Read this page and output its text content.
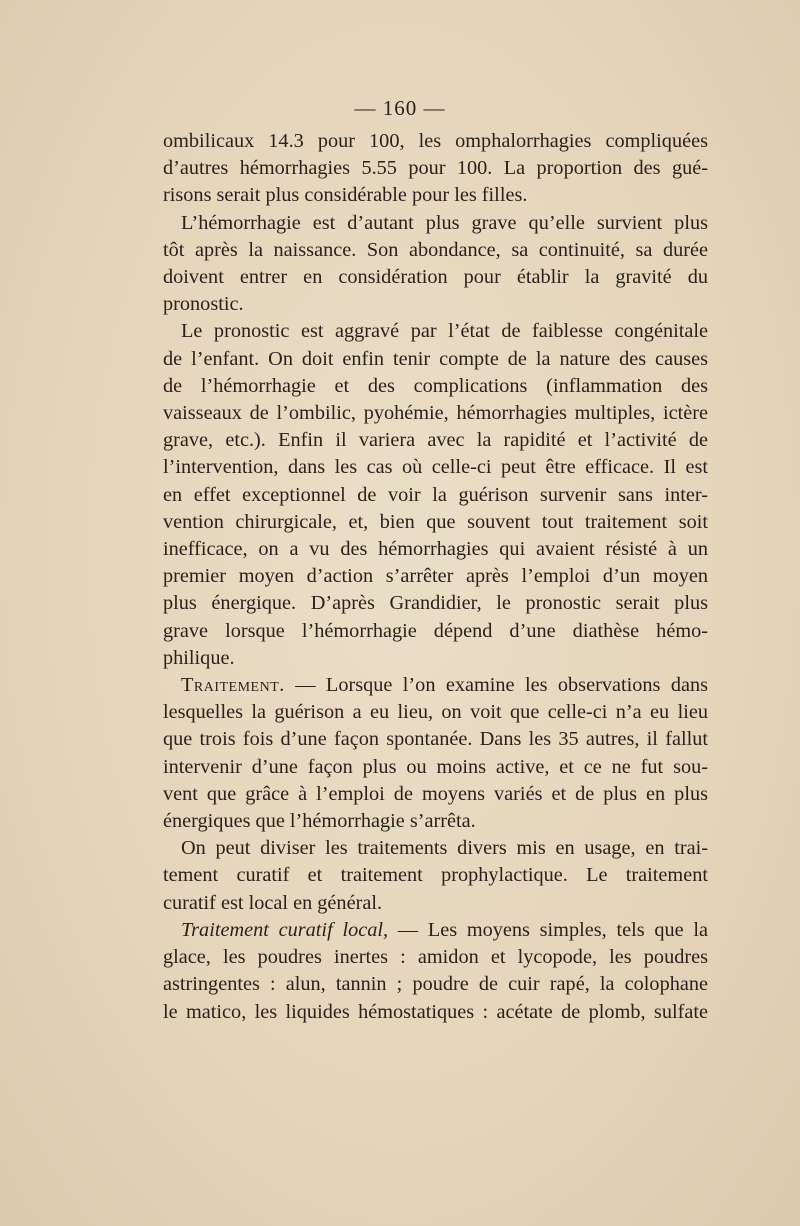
— 160 —
ombilicaux 14.3 pour 100, les omphalorrhagies compliquées
d’autres hémorrhagies 5.55 pour 100. La proportion des gué-
risons serait plus considérable pour les filles.
L’hémorrhagie est d’autant plus grave qu’elle survient plus
tôt après la naissance. Son abondance, sa continuité, sa durée
doivent entrer en considération pour établir la gravité du
pronostic.
Le pronostic est aggravé par l’état de faiblesse congénitale
de l’enfant. On doit enfin tenir compte de la nature des causes
de l’hémorrhagie et des complications (inflammation des
vaisseaux de l’ombilic, pyohémie, hémorrhagies multiples, ictère
grave, etc.). Enfin il variera avec la rapidité et l’activité de
l’intervention, dans les cas où celle-ci peut être efficace. Il est
en effet exceptionnel de voir la guérison survenir sans inter-
vention chirurgicale, et, bien que souvent tout traitement soit
inefficace, on a vu des hémorrhagies qui avaient résisté à un
premier moyen d’action s’arrêter après l’emploi d’un moyen
plus énergique. D’après Grandidier, le pronostic serait plus
grave lorsque l’hémorrhagie dépend d’une diathèse hémo-
philique.
Traitement. — Lorsque l’on examine les observations dans
lesquelles la guérison a eu lieu, on voit que celle-ci n’a eu lieu
que trois fois d’une façon spontanée. Dans les 35 autres, il fallut
intervenir d’une façon plus ou moins active, et ce ne fut sou-
vent que grâce à l’emploi de moyens variés et de plus en plus
énergiques que l’hémorrhagie s’arrêta.
On peut diviser les traitements divers mis en usage, en trai-
tement curatif et traitement prophylactique. Le traitement
curatif est local en général.
Traitement curatif local, — Les moyens simples, tels que la
glace, les poudres inertes : amidon et lycopode, les poudres
astringentes : alun, tannin ; poudre de cuir rapé, la colophane
le matico, les liquides hémostatiques : acétate de plomb, sulfate
